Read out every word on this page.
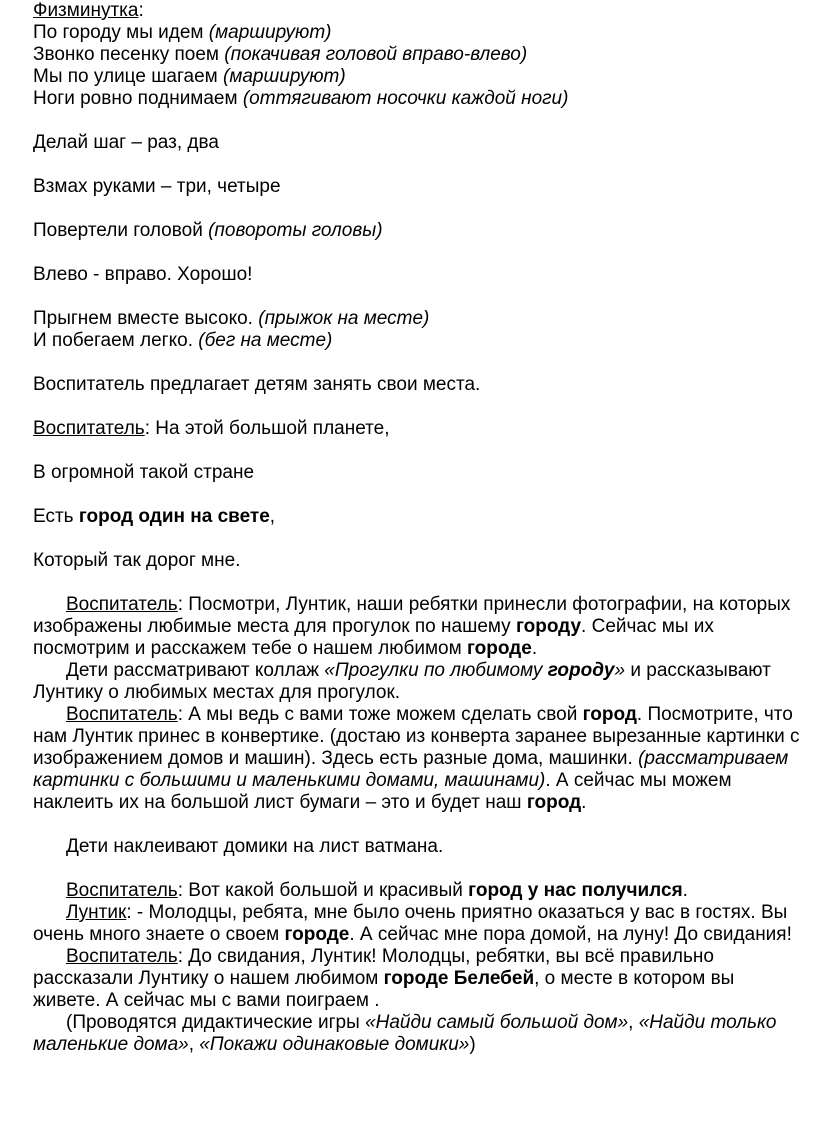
Физминутка:

По городу мы идем (маршируют)

Звонко песенку поем (покачивая головой вправо-влево)

Мы по улице шагаем (маршируют)

Ноги ровно поднимаем (оттягивают носочки каждой ноги)

Делай шаг – раз, два

Взмах руками – три, четыре

Повертели головой (повороты головы)

Влево - вправо. Хорошо!

Прыгнем вместе высоко. (прыжок на месте)

И побегаем легко. (бег на месте)

Воспитатель предлагает детям занять свои места.

Воспитатель: На этой большой планете,

В огромной такой стране

Есть город один на свете,

Который так дорог мне.

Воспитатель: Посмотри, Лунтик, наши ребятки принесли фотографии, на которых изображены любимые места для прогулок по нашему городу. Сейчас мы их посмотрим и расскажем тебе о нашем любимом городе.

Дети рассматривают коллаж «Прогулки по любимому городу» и рассказывают Лунтику о любимых местах для прогулок.

Воспитатель: А мы ведь с вами тоже можем сделать свой город. Посмотрите, что нам Лунтик принес в конвертике. (достаю из конверта заранее вырезанные картинки с изображением домов и машин). Здесь есть разные дома, машинки. (рассматриваем картинки с большими и маленькими домами, машинами). А сейчас мы можем наклеить их на большой лист бумаги – это и будет наш город.

Дети наклеивают домики на лист ватмана.

Воспитатель: Вот какой большой и красивый город у нас получился.

Лунтик: - Молодцы, ребята, мне было очень приятно оказаться у вас в гостях. Вы очень много знаете о своем городе. А сейчас мне пора домой, на луну! До свидания!

Воспитатель: До свидания, Лунтик! Молодцы, ребятки, вы всё правильно рассказали Лунтику о нашем любимом городе Белебей, о месте в котором вы живете. А сейчас мы с вами поиграем .

(Проводятся дидактические игры «Найди самый большой дом», «Найди только маленькие дома», «Покажи одинаковые домики»)
